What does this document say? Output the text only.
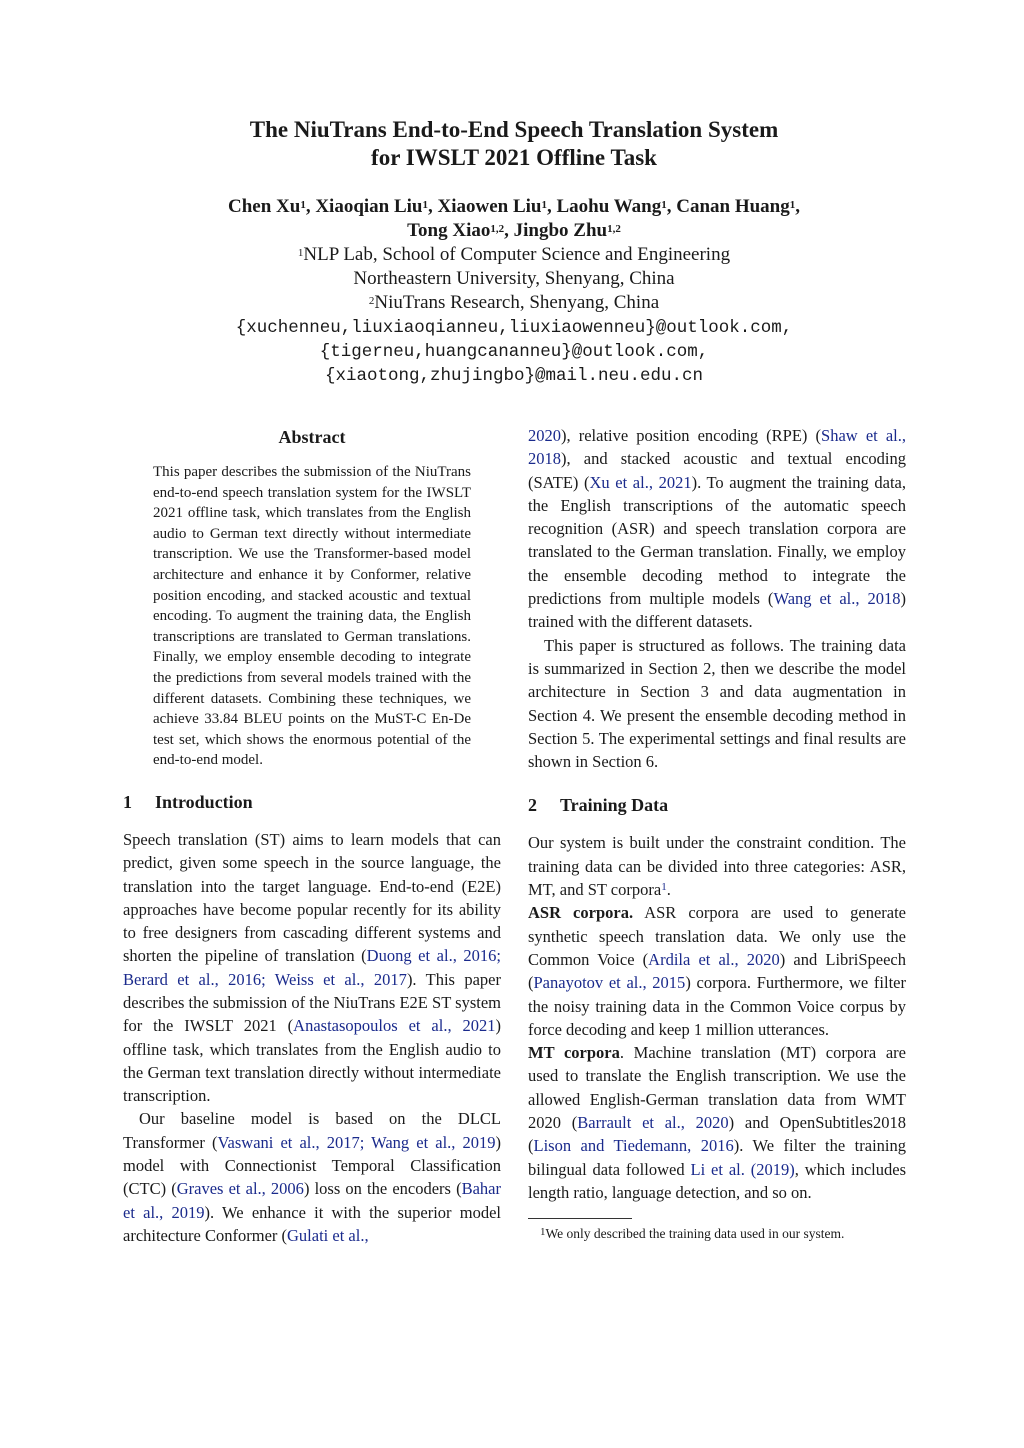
The NiuTrans End-to-End Speech Translation System
for IWSLT 2021 Offline Task
Chen Xu$^1$, Xiaoqian Liu$^1$, Xiaowen Liu$^1$, Laohu Wang$^1$, Canan Huang$^1$,
Tong Xiao$^{1,2}$, Jingbo Zhu$^{1,2}$
$^1$NLP Lab, School of Computer Science and Engineering
Northeastern University, Shenyang, China
$^2$NiuTrans Research, Shenyang, China
{xuchenneu,liuxiaoqianneu,liuxiaowenneu}@outlook.com,
{tigerneu,huangcananneu}@outlook.com,
{xiaotong,zhujingbo}@mail.neu.edu.cn
Abstract
This paper describes the submission of the NiuTrans end-to-end speech translation system for the IWSLT 2021 offline task, which translates from the English audio to German text directly without intermediate transcription. We use the Transformer-based model architecture and enhance it by Conformer, relative position encoding, and stacked acoustic and textual encoding. To augment the training data, the English transcriptions are translated to German translations. Finally, we employ ensemble decoding to integrate the predictions from several models trained with the different datasets. Combining these techniques, we achieve 33.84 BLEU points on the MuST-C En-De test set, which shows the enormous potential of the end-to-end model.
1 Introduction

Speech translation (ST) aims to learn models that can predict, given some speech in the source language, the translation into the target language. End-to-end (E2E) approaches have become popular recently for its ability to free designers from cascading different systems and shorten the pipeline of translation (Duong et al., 2016; Berard et al., 2016; Weiss et al., 2017). This paper describes the submission of the NiuTrans E2E ST system for the IWSLT 2021 (Anastasopoulos et al., 2021) offline task, which translates from the English audio to the German text translation directly without intermediate transcription.

Our baseline model is based on the DLCL Transformer (Vaswani et al., 2017; Wang et al., 2019) model with Connectionist Temporal Classification (CTC) (Graves et al., 2006) loss on the encoders (Bahar et al., 2019). We enhance it with the superior model architecture Conformer (Gulati et al.,

2020), relative position encoding (RPE) (Shaw et al., 2018), and stacked acoustic and textual encoding (SATE) (Xu et al., 2021). To augment the training data, the English transcriptions of the automatic speech recognition (ASR) and speech translation corpora are translated to the German translation. Finally, we employ the ensemble decoding method to integrate the predictions from multiple models (Wang et al., 2018) trained with the different datasets.

This paper is structured as follows. The training data is summarized in Section 2, then we describe the model architecture in Section 3 and data augmentation in Section 4. We present the ensemble decoding method in Section 5. The experimental settings and final results are shown in Section 6.

2 Training Data

Our system is built under the constraint condition. The training data can be divided into three categories: ASR, MT, and ST corpora$^1$.

ASR corpora. ASR corpora are used to generate synthetic speech translation data. We only use the Common Voice (Ardila et al., 2020) and LibriSpeech (Panayotov et al., 2015) corpora. Furthermore, we filter the noisy training data in the Common Voice corpus by force decoding and keep 1 million utterances.

MT corpora. Machine translation (MT) corpora are used to translate the English transcription. We use the allowed English-German translation data from WMT 2020 (Barrault et al., 2020) and OpenSubtitles2018 (Lison and Tiedemann, 2016). We filter the training bilingual data followed Li et al. (2019), which includes length ratio, language detection, and so on.

$^1$We only described the training data used in our system.
